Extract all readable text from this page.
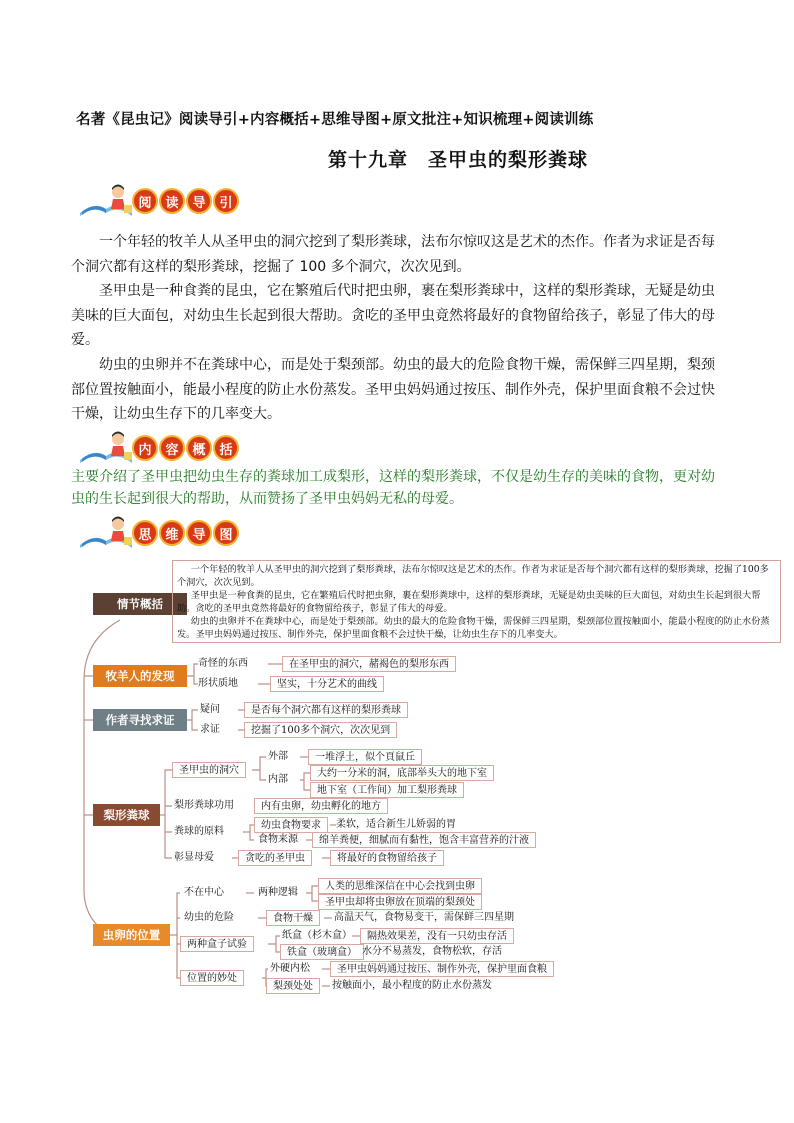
名著《昆虫记》阅读导引+内容概括+思维导图+原文批注+知识梳理+阅读训练
第十九章　圣甲虫的梨形粪球
阅	读	导	引

一个年轻的牧羊人从圣甲虫的洞穴挖到了梨形粪球，法布尔惊叹这是艺术的杰作。作者为求证是否每个洞穴都有这样的梨形粪球，挖掘了 100 多个洞穴，次次见到。

圣甲虫是一种食粪的昆虫，它在繁殖后代时把虫卵，裹在梨形粪球中，这样的梨形粪球，无疑是幼虫美味的巨大面包，对幼虫生长起到很大帮助。贪吃的圣甲虫竟然将最好的食物留给孩子，彰显了伟大的母爱。

幼虫的虫卵并不在粪球中心，而是处于梨颈部。幼虫的最大的危险食物干燥，需保鲜三四星期，梨颈部位置按触面小，能最小程度的防止水份蒸发。圣甲虫妈妈通过按压、制作外壳，保护里面食粮不会过快干燥，让幼虫生存下的几率变大。

内	容	概	括

主要介绍了圣甲虫把幼虫生存的粪球加工成梨形，这样的梨形粪球，不仅是幼生存的美味的食物，更对幼虫的生长起到很大的帮助，从而赞扬了圣甲虫妈妈无私的母爱。

思	维	导	图
情节概括
牧羊人的发现
作者寻找求证
梨形粪球
虫卵的位置

一个年轻的牧羊人从圣甲虫的洞穴挖到了梨形粪球，法布尔惊叹这是艺术的杰作。作者为求证是否每个洞穴都有这样的梨形粪球，挖掘了100多个洞穴，次次见到。

圣甲虫是一种食粪的昆虫，它在繁殖后代时把虫卵，裹在梨形粪球中，这样的梨形粪球，无疑是幼虫美味的巨大面包，对幼虫生长起到很大帮助。贪吃的圣甲虫竟然将最好的食物留给孩子，彰显了伟大的母爱。

幼虫的虫卵并不在粪球中心，而是处于梨颈部。幼虫的最大的危险食物干燥，需保鲜三四星期，梨颈部位置按触面小，能最小程度的防止水份蒸发。圣甲虫妈妈通过按压、制作外壳，保护里面食粮不会过快干燥，让幼虫生存下的几率变大。

奇怪的东西	在圣甲虫的洞穴，赭褐色的梨形东西
形状质地	坚实，十分艺术的曲线
疑问	是否每个洞穴都有这样的梨形粪球
求证	挖掘了100多个洞穴，次次见到
圣甲虫的洞穴
外部	一堆浮土，似个頁鼠丘
内部
大约一分米的洞，底部举头大的地下室
地下室（工作间）加工梨形粪球
梨形粪球功用	内有虫卵，幼虫孵化的地方
粪球的原料
幼虫食物要求	柔软，适合新生儿娇弱的胃
食物来源	绵羊粪便，细腻而有黏性，饱含丰富营养的汁液
彰显母爱	贪吃的圣甲虫	将最好的食物留给孩子
不在中心	两种逻辑
人类的思维深信在中心会找到虫卵
圣甲虫却将虫卵放在顶端的梨颈处
幼虫的危险	食物干燥	高温天气，食物易变干，需保鲜三四星期
两种盒子试验
纸盒（杉木盒）	隔热效果差，没有一只幼虫存活
铁盒（玻璃盒） 水分不易蒸发，食物松软，存活
位置的妙处
外硬内松	圣甲虫妈妈通过按压、制作外壳，保护里面食粮
梨颈处处	按触面小，最小程度的防止水份蒸发
